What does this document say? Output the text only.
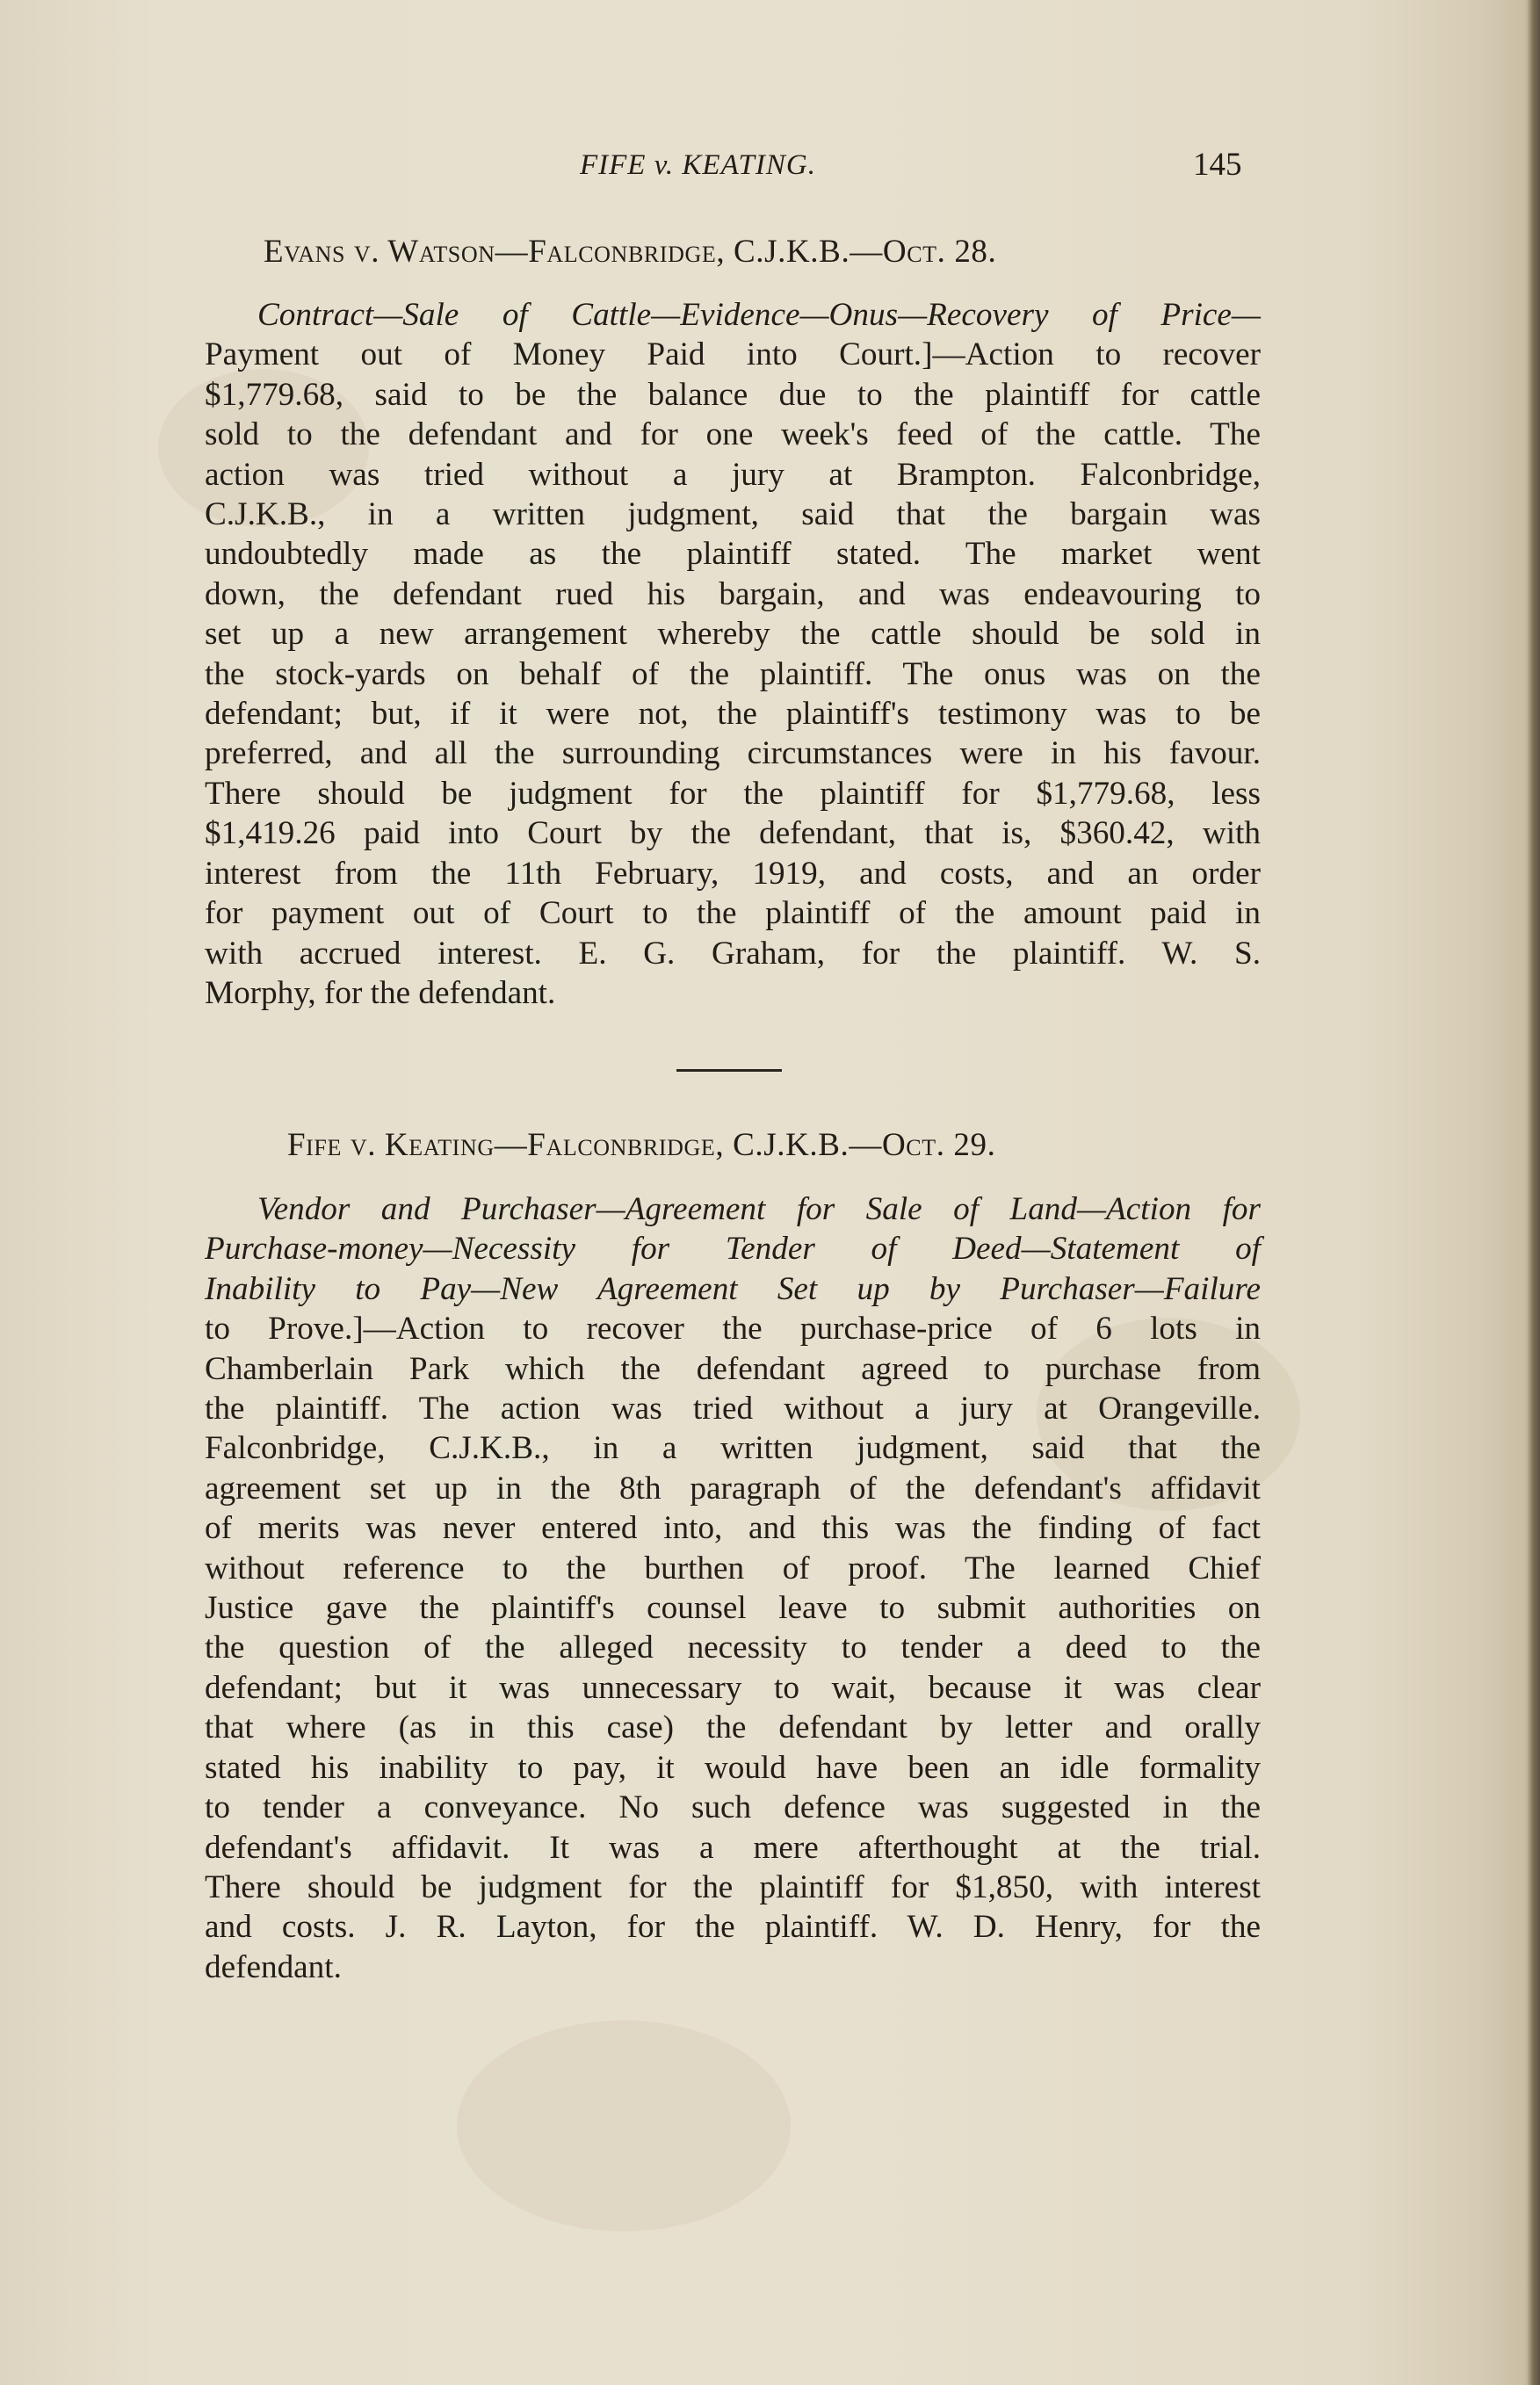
FIFE v. KEATING.	145
Evans v. Watson—Falconbridge, C.J.K.B.—Oct. 28.
Contract—Sale of Cattle—Evidence—Onus—Recovery of Price—
Payment out of Money Paid into Court.]—Action to recover
$1,779.68, said to be the balance due to the plaintiff for cattle
sold to the defendant and for one week's feed of the cattle. The
action was tried without a jury at Brampton. Falconbridge,
C.J.K.B., in a written judgment, said that the bargain was
undoubtedly made as the plaintiff stated. The market went
down, the defendant rued his bargain, and was endeavouring to
set up a new arrangement whereby the cattle should be sold in
the stock-yards on behalf of the plaintiff. The onus was on the
defendant; but, if it were not, the plaintiff's testimony was to be
preferred, and all the surrounding circumstances were in his favour.
There should be judgment for the plaintiff for $1,779.68, less
$1,419.26 paid into Court by the defendant, that is, $360.42, with
interest from the 11th February, 1919, and costs, and an order
for payment out of Court to the plaintiff of the amount paid in
with accrued interest. E. G. Graham, for the plaintiff. W. S.
Morphy, for the defendant.
Fife v. Keating—Falconbridge, C.J.K.B.—Oct. 29.
Vendor and Purchaser—Agreement for Sale of Land—Action for
Purchase-money—Necessity for Tender of Deed—Statement of
Inability to Pay—New Agreement Set up by Purchaser—Failure
to Prove.]—Action to recover the purchase-price of 6 lots in
Chamberlain Park which the defendant agreed to purchase from
the plaintiff. The action was tried without a jury at Orangeville.
Falconbridge, C.J.K.B., in a written judgment, said that the
agreement set up in the 8th paragraph of the defendant's affidavit
of merits was never entered into, and this was the finding of fact
without reference to the burthen of proof. The learned Chief
Justice gave the plaintiff's counsel leave to submit authorities on
the question of the alleged necessity to tender a deed to the
defendant; but it was unnecessary to wait, because it was clear
that where (as in this case) the defendant by letter and orally
stated his inability to pay, it would have been an idle formality
to tender a conveyance. No such defence was suggested in the
defendant's affidavit. It was a mere afterthought at the trial.
There should be judgment for the plaintiff for $1,850, with interest
and costs. J. R. Layton, for the plaintiff. W. D. Henry, for the
defendant.
